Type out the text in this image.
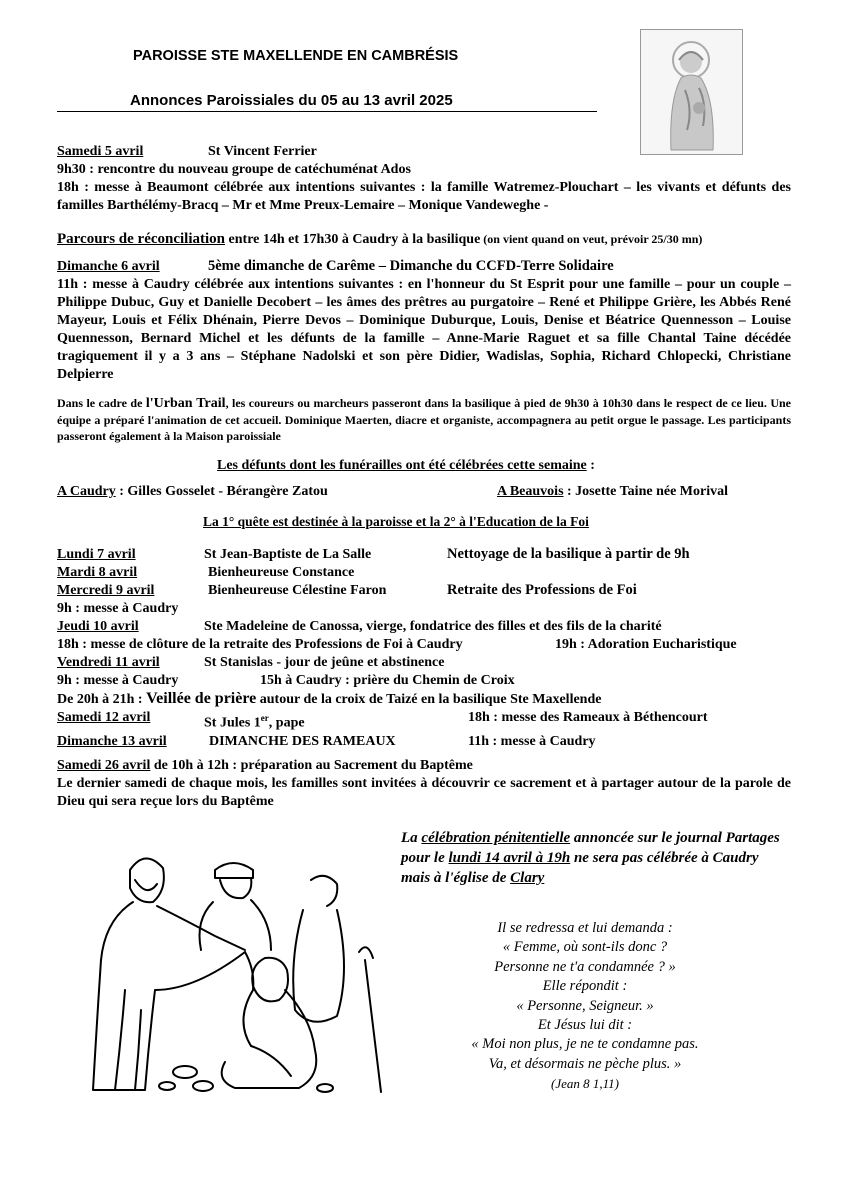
PAROISSE STE MAXELLENDE EN CAMBRÉSIS
Annonces Paroissiales du 05 au 13 avril 2025
Samedi 5 avril	St Vincent Ferrier
9h30 : rencontre du nouveau groupe de catéchuménat Ados
18h : messe à Beaumont célébrée aux intentions suivantes : la famille Watremez-Plouchart – les vivants et défunts des familles Barthélémy-Bracq – Mr et Mme Preux-Lemaire – Monique Vandeweghe -
Parcours de réconciliation entre 14h et 17h30 à Caudry à la basilique (on vient quand on veut, prévoir 25/30 mn)
Dimanche 6 avril	5ème dimanche de Carême – Dimanche du CCFD-Terre Solidaire
11h : messe à Caudry célébrée aux intentions suivantes : en l'honneur du St Esprit pour une famille – pour un couple – Philippe Dubuc, Guy et Danielle Decobert – les âmes des prêtres au purgatoire – René et Philippe Grière, les Abbés René Mayeur, Louis et Félix Dhénain, Pierre Devos – Dominique Duburque, Louis, Denise et Béatrice Quennesson – Louise Quennesson, Bernard Michel et les défunts de la famille – Anne-Marie Raguet et sa fille Chantal Taine décédée tragiquement il y a 3 ans – Stéphane Nadolski et son père Didier, Wadislas, Sophia, Richard Chlopecki, Christiane Delpierre
Dans le cadre de l'Urban Trail, les coureurs ou marcheurs passeront dans la basilique à pied de 9h30 à 10h30 dans le respect de ce lieu. Une équipe a préparé l'animation de cet accueil. Dominique Maerten, diacre et organiste, accompagnera au petit orgue le passage. Les participants passeront également à la Maison paroissiale
Les défunts dont les funérailles ont été célébrées cette semaine :
A Caudry : Gilles Gosselet - Bérangère Zatou	A Beauvois : Josette Taine née Morival
La 1° quête est destinée à la paroisse et la 2° à l'Education de la Foi
Lundi 7 avril	St Jean-Baptiste de La Salle	Nettoyage de la basilique à partir de 9h
Mardi 8 avril	Bienheureuse Constance
Mercredi 9 avril	Bienheureuse Célestine Faron	Retraite des Professions de Foi
9h : messe à Caudry
Jeudi 10 avril	Ste Madeleine de Canossa, vierge, fondatrice des filles et des fils de la charité
18h : messe de clôture de la retraite des Professions de Foi à Caudry	19h : Adoration Eucharistique
Vendredi 11 avril	St Stanislas - jour de jeûne et abstinence
9h : messe à Caudry	15h à Caudry : prière du Chemin de Croix
De 20h à 21h : Veillée de prière autour de la croix de Taizé en la basilique Ste Maxellende
Samedi 12 avril	St Jules 1er, pape	18h : messe des Rameaux à Béthencourt
Dimanche 13 avril	DIMANCHE DES RAMEAUX	11h : messe à Caudry
Samedi 26 avril de 10h à 12h : préparation au Sacrement du Baptême
Le dernier samedi de chaque mois, les familles sont invitées à découvrir ce sacrement et à partager autour de la parole de Dieu qui sera reçue lors du Baptême
La célébration pénitentielle annoncée sur le journal Partages pour le lundi 14 avril à 19h ne sera pas célébrée à Caudry mais à l'église de Clary
Il se redressa et lui demanda :
« Femme, où sont-ils donc ?
Personne ne t'a condamnée ? »
Elle répondit :
« Personne, Seigneur. »
Et Jésus lui dit :
« Moi non plus, je ne te condamne pas.
Va, et désormais ne pèche plus. »
(Jean 8 1,11)
